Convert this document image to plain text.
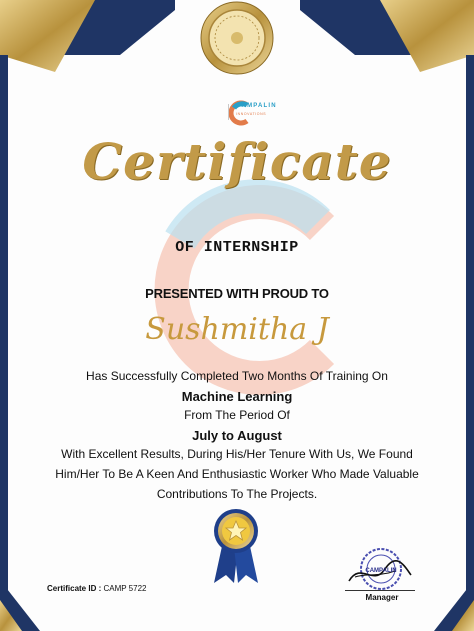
CAMPALIN
INNOVATIONS
Certificate
OF INTERNSHIP
PRESENTED WITH PROUD TO
Sushmitha J
Has Successfully Completed Two Months Of Training On
Machine Learning
From The Period Of
July to August
With Excellent Results, During His/Her Tenure With Us, We Found
Him/Her To Be A Keen And Enthusiastic Worker Who Made Valuable
Contributions To The Projects.
CAMPALIN
Certificate ID : CAMP 5722
Manager
